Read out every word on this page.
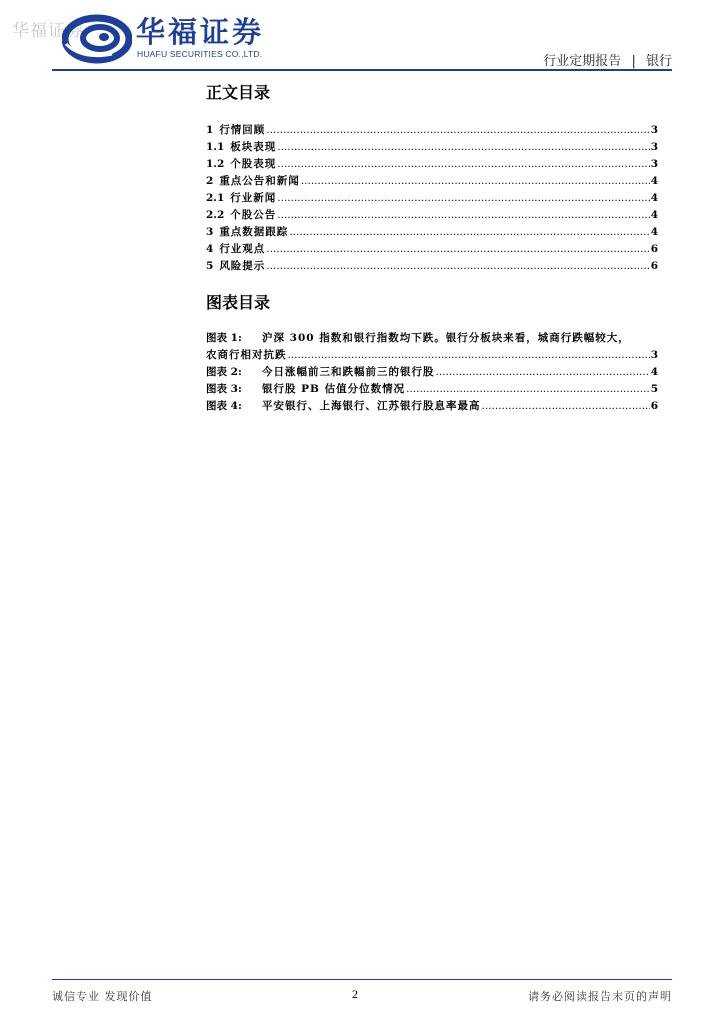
华福证券 华福证券
HUAFU SECURITIES CO.,LTD.	行业定期报告 | 银行
正文目录
1 行情回顾 .....	3
1.1 板块表现 .....	3
1.2 个股表现 .....	3
2 重点公告和新闻 .....	4
2.1 行业新闻 .....	4
2.2 个股公告 .....	4
3 重点数据跟踪 .....	4
4 行业观点 .....	6
5 风险提示 .....	6
图表目录
图表 1:	沪深 300 指数和银行指数均下跌。银行分板块来看，城商行跌幅较大，
农商行相对抗跌 .....	3
图表 2:	今日涨幅前三和跌幅前三的银行股 .....	4
图表 3:	银行股 PB 估值分位数情况 .....	5
图表 4:	平安银行、上海银行、江苏银行股息率最高 .....	6
诚信专业 发现价值	2	请务必阅读报告末页的声明
